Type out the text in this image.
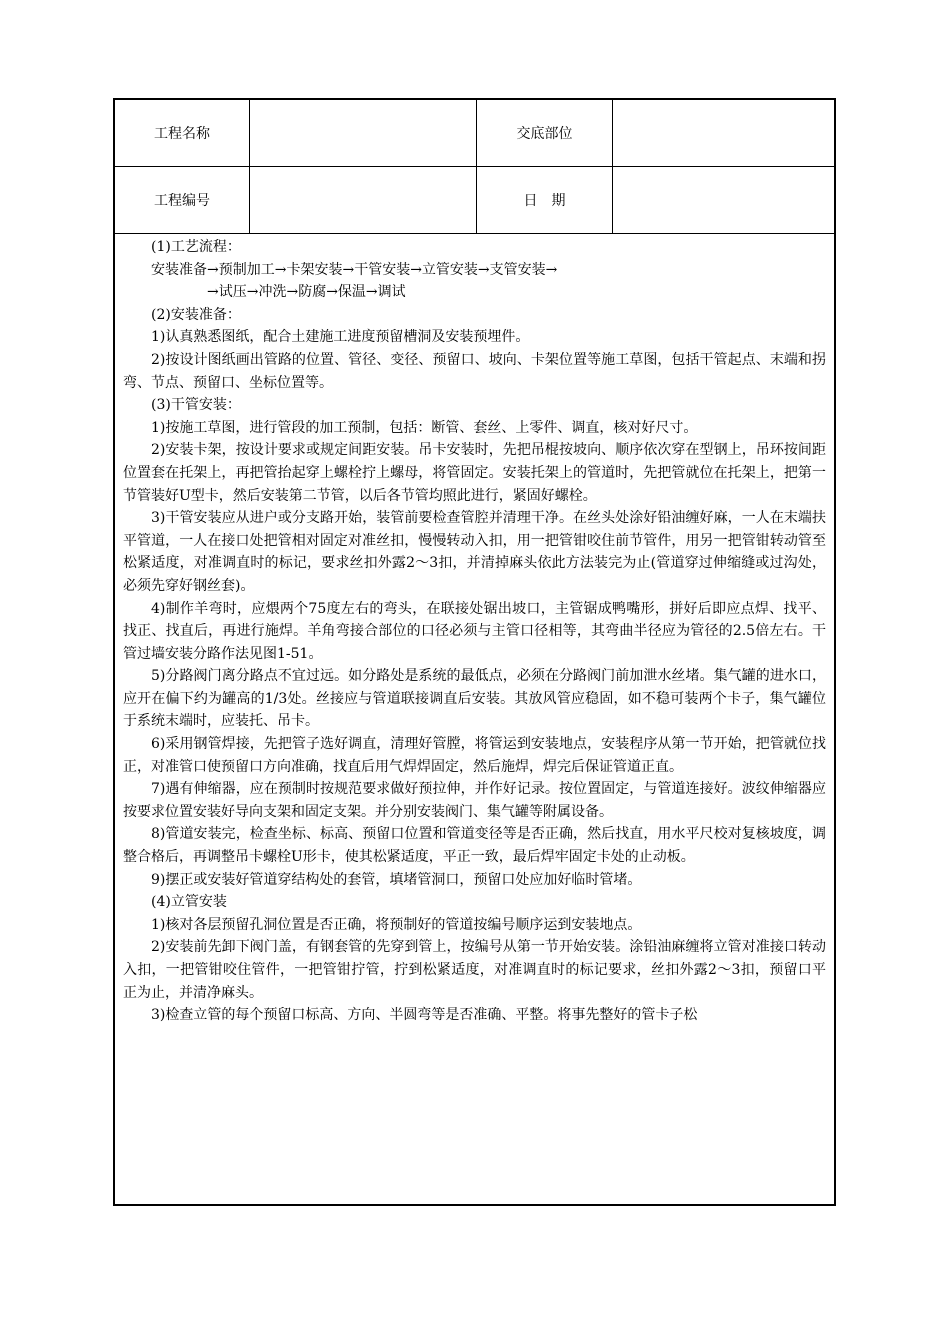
工程名称	交底部位
工程编号	日　期

(1)工艺流程：

安装准备→预制加工→卡架安装→干管安装→立管安装→支管安装→

→试压→冲洗→防腐→保温→调试

(2)安装准备：

1)认真熟悉图纸，配合土建施工进度预留槽洞及安装预埋件。

2)按设计图纸画出管路的位置、管径、变径、预留口、坡向、卡架位置等施工草图，包括干管起点、末端和拐弯、节点、预留口、坐标位置等。

(3)干管安装：

1)按施工草图，进行管段的加工预制，包括：断管、套丝、上零件、调直，核对好尺寸。

2)安装卡架，按设计要求或规定间距安装。吊卡安装时，先把吊棍按坡向、顺序依次穿在型钢上，吊环按间距位置套在托架上，再把管抬起穿上螺栓拧上螺母，将管固定。安装托架上的管道时，先把管就位在托架上，把第一节管装好U型卡，然后安装第二节管，以后各节管均照此进行，紧固好螺栓。

3)干管安装应从进户或分支路开始，装管前要检查管腔并清理干净。在丝头处涂好铅油缠好麻，一人在末端扶平管道，一人在接口处把管相对固定对准丝扣，慢慢转动入扣，用一把管钳咬住前节管件，用另一把管钳转动管至松紧适度，对准调直时的标记，要求丝扣外露2～3扣，并清掉麻头依此方法装完为止(管道穿过伸缩缝或过沟处，必须先穿好钢丝套)。

4)制作羊弯时，应煨两个75度左右的弯头，在联接处锯出坡口，主管锯成鸭嘴形，拼好后即应点焊、找平、找正、找直后，再进行施焊。羊角弯接合部位的口径必须与主管口径相等，其弯曲半径应为管径的2.5倍左右。干管过墙安装分路作法见图1-51。

5)分路阀门离分路点不宜过远。如分路处是系统的最低点，必须在分路阀门前加泄水丝堵。集气罐的进水口，应开在偏下约为罐高的1/3处。丝接应与管道联接调直后安装。其放风管应稳固，如不稳可装两个卡子，集气罐位于系统末端时，应装托、吊卡。

6)采用钢管焊接，先把管子选好调直，清理好管膛，将管运到安装地点，安装程序从第一节开始，把管就位找正，对准管口使预留口方向准确，找直后用气焊焊固定，然后施焊，焊完后保证管道正直。

7)遇有伸缩器，应在预制时按规范要求做好预拉伸，并作好记录。按位置固定，与管道连接好。波纹伸缩器应按要求位置安装好导向支架和固定支架。并分别安装阀门、集气罐等附属设备。

8)管道安装完，检查坐标、标高、预留口位置和管道变径等是否正确，然后找直，用水平尺校对复核坡度，调整合格后，再调整吊卡螺栓U形卡，使其松紧适度，平正一致，最后焊牢固定卡处的止动板。

9)摆正或安装好管道穿结构处的套管，填堵管洞口，预留口处应加好临时管堵。

(4)立管安装

1)核对各层预留孔洞位置是否正确，将预制好的管道按编号顺序运到安装地点。

2)安装前先卸下阀门盖，有钢套管的先穿到管上，按编号从第一节开始安装。涂铅油麻缠将立管对准接口转动入扣，一把管钳咬住管件，一把管钳拧管，拧到松紧适度，对准调直时的标记要求，丝扣外露2～3扣，预留口平正为止，并清净麻头。

3)检查立管的每个预留口标高、方向、半圆弯等是否准确、平整。将事先整好的管卡子松
